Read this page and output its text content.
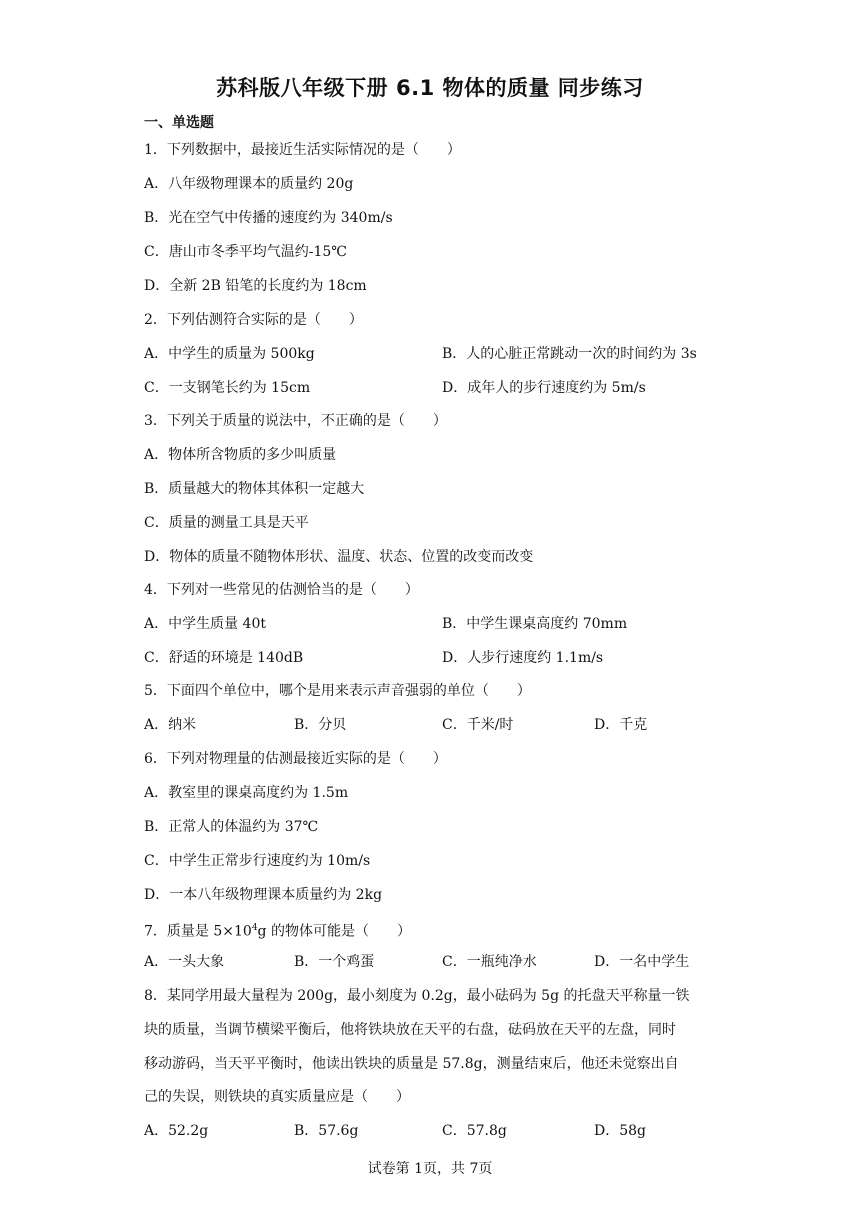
苏科版八年级下册 6.1 物体的质量 同步练习
一、单选题
1．下列数据中，最接近生活实际情况的是（　　）
A．八年级物理课本的质量约 20g
B．光在空气中传播的速度约为 340m/s
C．唐山市冬季平均气温约-15℃
D．全新 2B 铅笔的长度约为 18cm
2．下列估测符合实际的是（　　）
A．中学生的质量为 500kg	B．人的心脏正常跳动一次的时间约为 3s
C．一支钢笔长约为 15cm	D．成年人的步行速度约为 5m/s
3．下列关于质量的说法中，不正确的是（　　）
A．物体所含物质的多少叫质量
B．质量越大的物体其体积一定越大
C．质量的测量工具是天平
D．物体的质量不随物体形状、温度、状态、位置的改变而改变
4．下列对一些常见的估测恰当的是（　　）
A．中学生质量 40t	B．中学生课桌高度约 70mm
C．舒适的环境是 140dB	D．人步行速度约 1.1m/s
5．下面四个单位中，哪个是用来表示声音强弱的单位（　　）
A．纳米	B．分贝	C．千米/时	D．千克
6．下列对物理量的估测最接近实际的是（　　）
A．教室里的课桌高度约为 1.5m
B．正常人的体温约为 37℃
C．中学生正常步行速度约为 10m/s
D．一本八年级物理课本质量约为 2kg
7．质量是 $5\times 10^4g$ 的物体可能是（　　）
A．一头大象	B．一个鸡蛋	C．一瓶纯净水	D．一名中学生
8．某同学用最大量程为 200g，最小刻度为 0.2g，最小砝码为 5g 的托盘天平称量一铁
块的质量，当调节横梁平衡后，他将铁块放在天平的右盘，砝码放在天平的左盘，同时
移动游码，当天平平衡时，他读出铁块的质量是 57.8g，测量结束后，他还未觉察出自
己的失误，则铁块的真实质量应是（　　）
A．52.2g	B．57.6g	C．57.8g	D．58g
试卷第 1页，共 7页
